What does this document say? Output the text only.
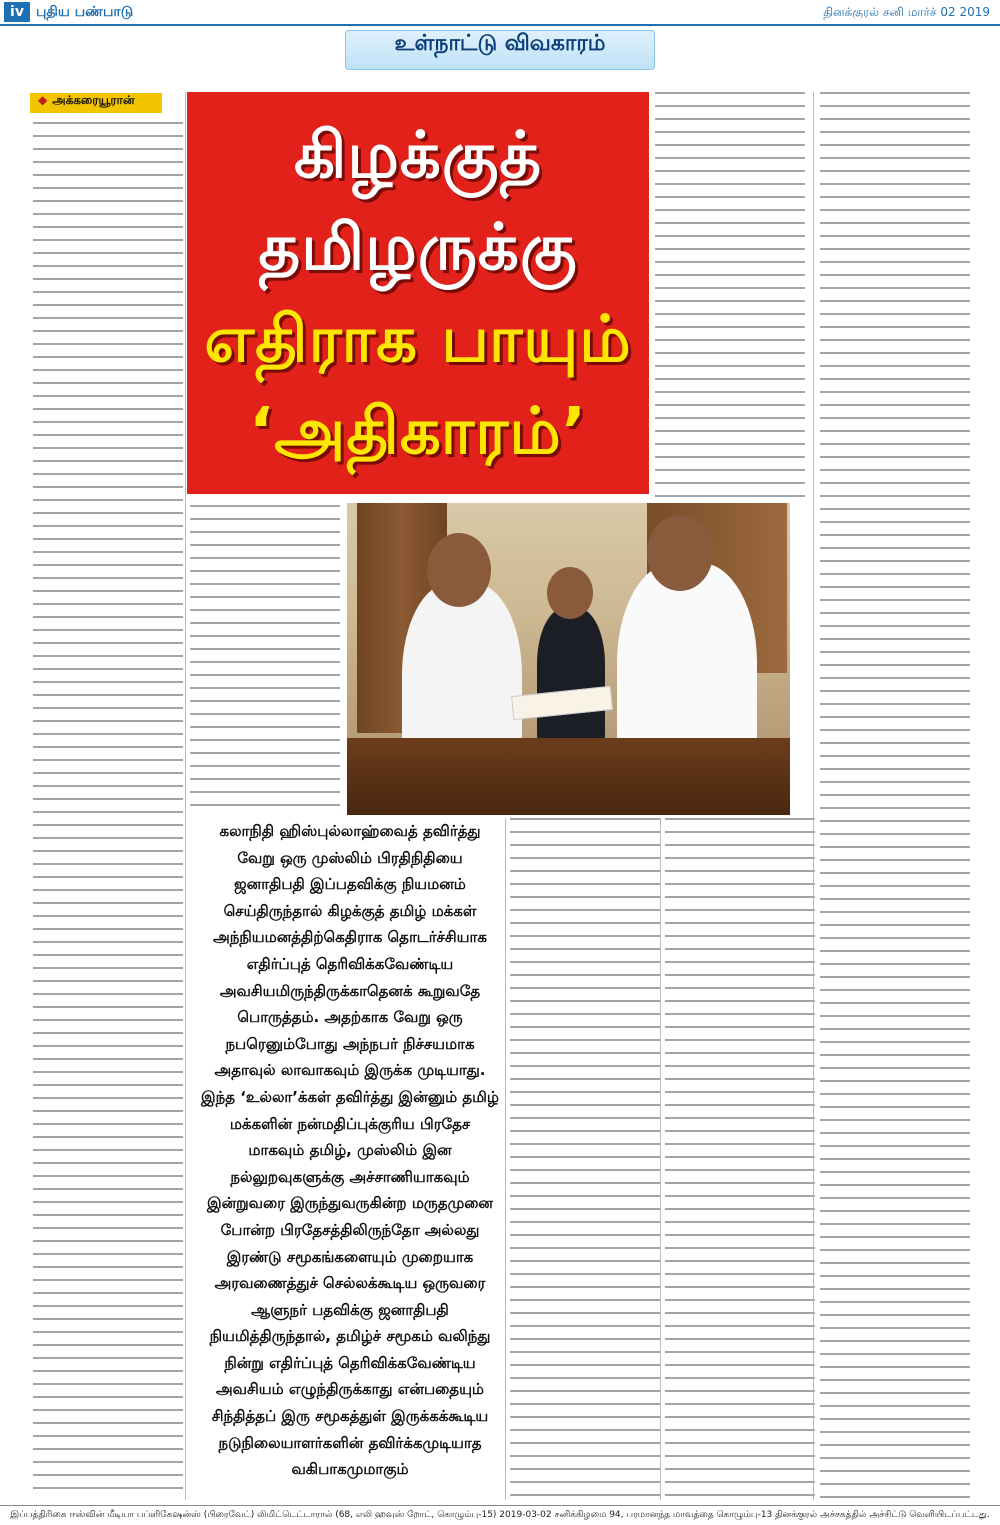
iv புதிய பண்பாடு	தினக்குரல் சனி மார்ச் 02 2019
உள்நாட்டு விவகாரம்
◆ அக்கரையூரான்
கிழக்குத்
தமிழருக்கு
எதிராக பாயும்
‘அதிகாரம்’
கலாநிதி ஹிஸ்புல்லாஹ்வைத் தவிர்த்து வேறு ஒரு முஸ்லிம் பிரதிநிதியை ஜனாதிபதி இப்பதவிக்கு நியமனம் செய்திருந்தால் கிழக்குத் தமிழ் மக்கள் அந்நியமனத்திற்கெதிராக தொடர்ச்சியாக எதிர்ப்புத் தெரிவிக்கவேண்டிய அவசியமிருந்திருக்காதெனக் கூறுவதே பொருத்தம். அதற்காக வேறு ஒரு நபரெனும்போது அந்நபர் நிச்சயமாக அதாவுல் லாவாகவும் இருக்க முடியாது. இந்த ‘உல்லா’க்கள் தவிர்த்து இன்னும் தமிழ் மக்களின் நன்மதிப்புக்குரிய பிரதேச மாகவும் தமிழ், முஸ்லிம் இன நல்லுறவுகளுக்கு அச்சாணியாகவும் இன்றுவரை இருந்துவருகின்ற மருதமுனை போன்ற பிரதேசத்திலிருந்தோ அல்லது இரண்டு சமூகங்களையும் முறையாக அரவணைத்துச் செல்லக்கூடிய ஒருவரை ஆளுநர் பதவிக்கு ஜனாதிபதி நியமித்திருந்தால், தமிழ்ச் சமூகம் வலிந்து நின்று எதிர்ப்புத் தெரிவிக்கவேண்டிய அவசியம் எழுந்திருக்காது என்பதையும் சிந்தித்தப் இரு சமூகத்துள் இருக்கக்கூடிய நடுநிலையாளர்களின் தவிர்க்கமுடியாத வகிபாகமுமாகும்
இப்பத்திரிகை ஈஸ்வின் மீடியா பப்ளிகேஷன்ஸ் (பிரைவேட்) லிமிட்டெட்டாரால் (68, எலி ஹவுஸ் றோட், கொழும்பு-15) 2019-03-02 சனிக்கிழமை 94, பரமானந்த மாவத்தை கொழும்பு-13 தினக்குரல் அச்சகத்தில் அச்சிட்டு வெளியிடப்பட்டது.
